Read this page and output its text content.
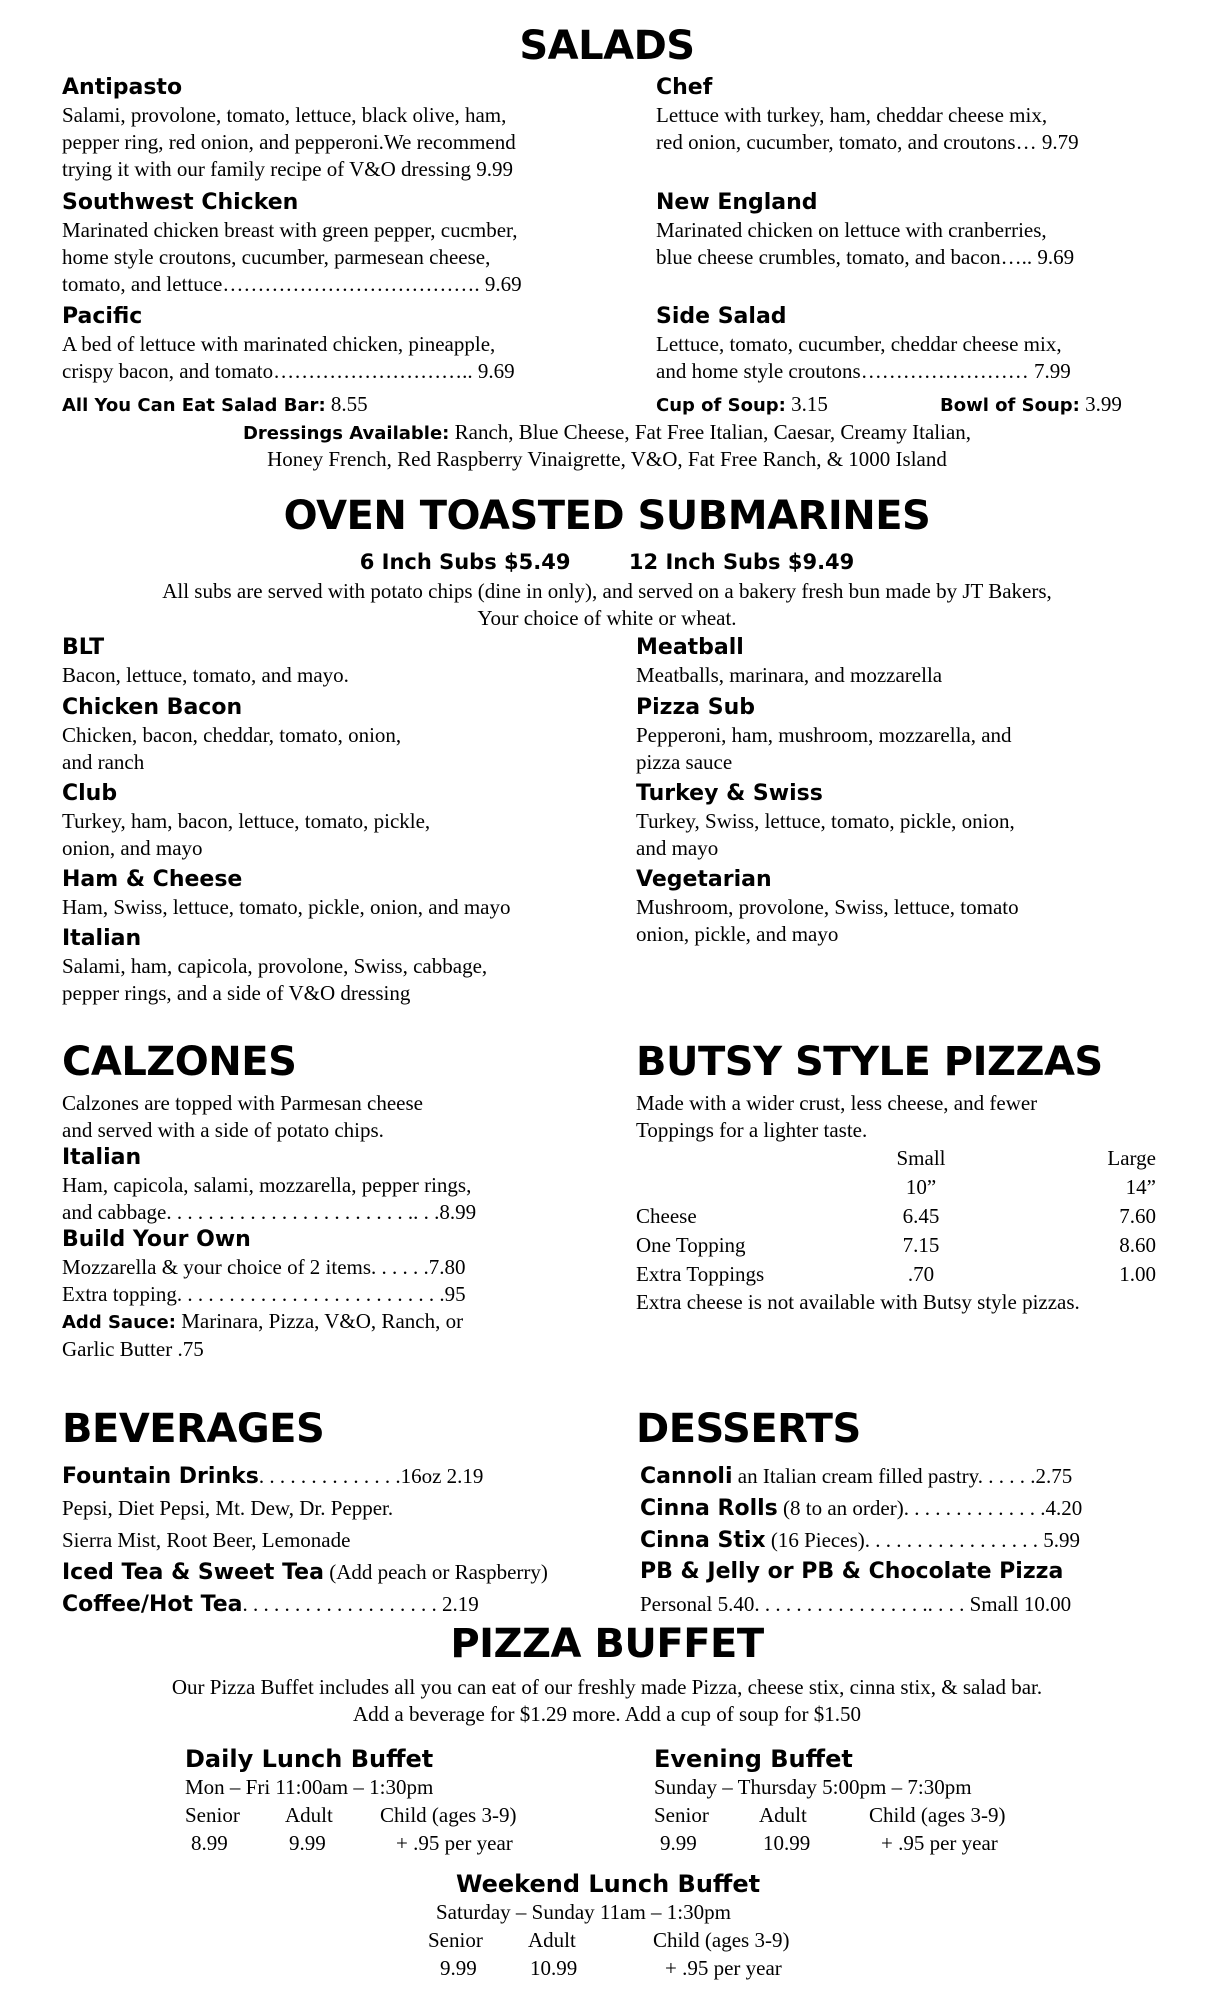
SALADS
Antipasto
Salami, provolone, tomato, lettuce, black olive, ham,
pepper ring, red onion, and pepperoni.We recommend
trying it with our family recipe of V&O dressing 9.99
Chef
Lettuce with turkey, ham, cheddar cheese mix,
red onion, cucumber, tomato, and croutons… 9.79
Southwest Chicken
Marinated chicken breast with green pepper, cucmber,
home style croutons, cucumber, parmesean cheese,
tomato, and lettuce………………………………. 9.69
New England
Marinated chicken on lettuce with cranberries,
blue cheese crumbles, tomato, and bacon….. 9.69
Pacific
A bed of lettuce with marinated chicken, pineapple,
crispy bacon, and tomato……………………….. 9.69
Side Salad
Lettuce, tomato, cucumber, cheddar cheese mix,
and home style croutons…………………… 7.99
All You Can Eat Salad Bar: 8.55	Cup of Soup: 3.15	Bowl of Soup: 3.99
Dressings Available: Ranch, Blue Cheese, Fat Free Italian, Caesar, Creamy Italian,
Honey French, Red Raspberry Vinaigrette, V&O, Fat Free Ranch, & 1000 Island
OVEN TOASTED SUBMARINES
6 Inch Subs $5.49        12 Inch Subs $9.49
All subs are served with potato chips (dine in only), and served on a bakery fresh bun made by JT Bakers,
Your choice of white or wheat.
BLT
Bacon, lettuce, tomato, and mayo.
Chicken Bacon
Chicken, bacon, cheddar, tomato, onion,
and ranch
Club
Turkey, ham, bacon, lettuce, tomato, pickle,
onion, and mayo
Ham & Cheese
Ham, Swiss, lettuce, tomato, pickle, onion, and mayo
Italian
Salami, ham, capicola, provolone, Swiss, cabbage,
pepper rings, and a side of V&O dressing
Meatball
Meatballs, marinara, and mozzarella
Pizza Sub
Pepperoni, ham, mushroom, mozzarella, and
pizza sauce
Turkey & Swiss
Turkey, Swiss, lettuce, tomato, pickle, onion,
and mayo
Vegetarian
Mushroom, provolone, Swiss, lettuce, tomato
onion, pickle, and mayo
CALZONES
Calzones are topped with Parmesan cheese
and served with a side of potato chips.
Italian
Ham, capicola, salami, mozzarella, pepper rings,
and cabbage. . . . . . . . . . . . . . . . . . . . . . . .. . .8.99
Build Your Own
Mozzarella & your choice of 2 items. . . . . .7.80
Extra topping. . . . . . . . . . . . . . . . . . . . . . . . . .95
Add Sauce: Marinara, Pizza, V&O, Ranch, or
Garlic Butter .75
BUTSY STYLE PIZZAS
Made with a wider crust, less cheese, and fewer
Toppings for a lighter taste.
	Small	Large
	10”	14”
Cheese	6.45	7.60
One Topping	7.15	8.60
Extra Toppings	.70	1.00
Extra cheese is not available with Butsy style pizzas.
BEVERAGES
Fountain Drinks. . . . . . . . . . . . . .16oz 2.19
Pepsi, Diet Pepsi, Mt. Dew, Dr. Pepper.
Sierra Mist, Root Beer, Lemonade
Iced Tea & Sweet Tea (Add peach or Raspberry)
Coffee/Hot Tea. . . . . . . . . . . . . . . . . . . 2.19
DESSERTS
Cannoli an Italian cream filled pastry. . . . . .2.75
Cinna Rolls (8 to an order). . . . . . . . . . . . . .4.20
Cinna Stix (16 Pieces). . . . . . . . . . . . . . . . . 5.99
PB & Jelly or PB & Chocolate Pizza
Personal 5.40. . . . . . . . . . . . . . . . .. . . . Small 10.00
PIZZA BUFFET
Our Pizza Buffet includes all you can eat of our freshly made Pizza, cheese stix, cinna stix, & salad bar.
Add a beverage for $1.29 more. Add a cup of soup for $1.50
Daily Lunch Buffet
Mon – Fri 11:00am – 1:30pm
Senior	Adult	Child (ages 3-9)
8.99	9.99	+ .95 per year
Evening Buffet
Sunday – Thursday 5:00pm – 7:30pm
Senior	Adult	Child (ages 3-9)
9.99	10.99	+ .95 per year
Weekend Lunch Buffet
Saturday – Sunday 11am – 1:30pm
Senior	Adult	Child (ages 3-9)
9.99	10.99	+ .95 per year
